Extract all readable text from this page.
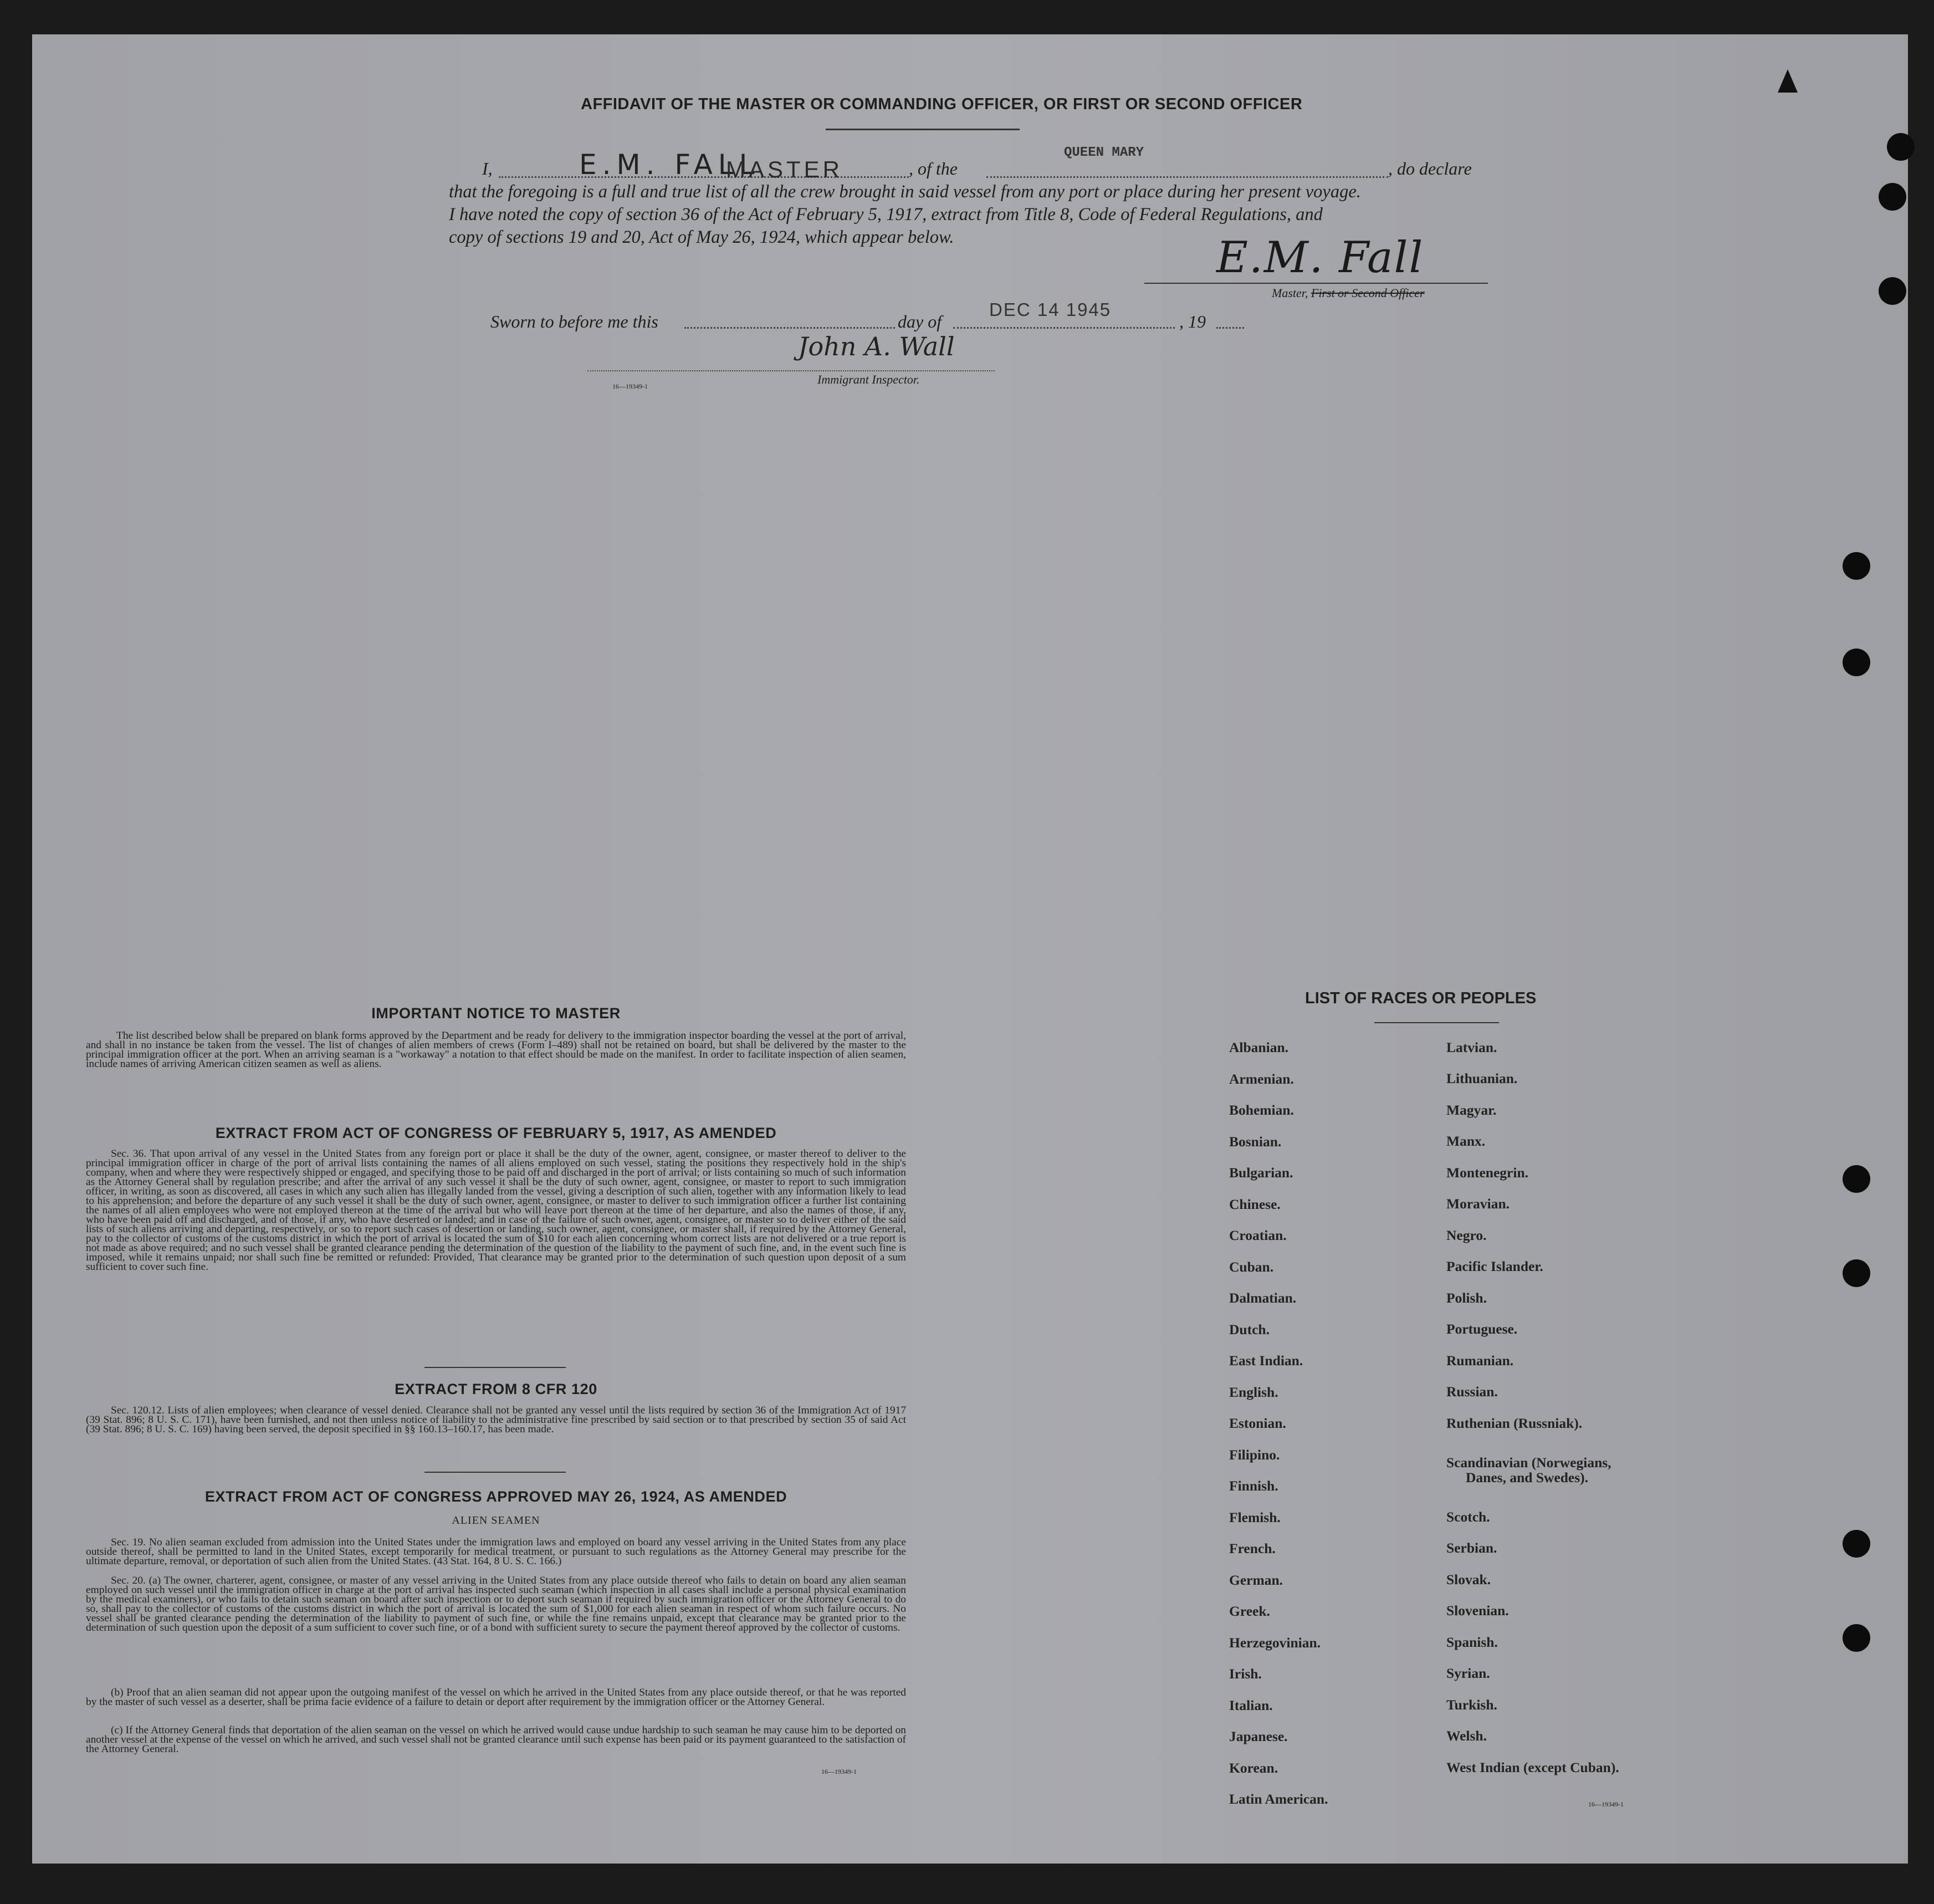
AFFIDAVIT OF THE MASTER OR COMMANDING OFFICER, OR FIRST OR SECOND OFFICER
I,	E.M. FALL
MASTER	, of the
QUEEN MARY
, do declare
that the foregoing is a full and true list of all the crew brought in said vessel from any port or place during her present voyage.
I have noted the copy of section 36 of the Act of February 5, 1917, extract from Title 8, Code of Federal Regulations, and
copy of sections 19 and 20, Act of May 26, 1924, which appear below.	E.M. Fall
Master, First or Second Officer
Sworn to before me this	day of
DEC 14 1945
, 19
John A. Wall
Immigrant Inspector.
16—19349-1
IMPORTANT NOTICE TO MASTER
The list described below shall be prepared on blank forms approved by the Department and be ready for delivery to the immigration inspector boarding the vessel at the port of arrival, and shall in no instance be taken from the vessel. The list of changes of alien members of crews (Form I–489) shall not be retained on board, but shall be delivered by the master to the principal immigration officer at the port. When an arriving seaman is a "workaway" a notation to that effect should be made on the manifest. In order to facilitate inspection of alien seamen, include names of arriving American citizen seamen as well as aliens.
EXTRACT FROM ACT OF CONGRESS OF FEBRUARY 5, 1917, AS AMENDED
Sec. 36. That upon arrival of any vessel in the United States from any foreign port or place it shall be the duty of the owner, agent, consignee, or master thereof to deliver to the principal immigration officer in charge of the port of arrival lists containing the names of all aliens employed on such vessel, stating the positions they respectively hold in the ship's company, when and where they were respectively shipped or engaged, and specifying those to be paid off and discharged in the port of arrival; or lists containing so much of such information as the Attorney General shall by regulation prescribe; and after the arrival of any such vessel it shall be the duty of such owner, agent, consignee, or master to report to such immigration officer, in writing, as soon as discovered, all cases in which any such alien has illegally landed from the vessel, giving a description of such alien, together with any information likely to lead to his apprehension; and before the departure of any such vessel it shall be the duty of such owner, agent, consignee, or master to deliver to such immigration officer a further list containing the names of all alien employees who were not employed thereon at the time of the arrival but who will leave port thereon at the time of her departure, and also the names of those, if any, who have been paid off and discharged, and of those, if any, who have deserted or landed; and in case of the failure of such owner, agent, consignee, or master so to deliver either of the said lists of such aliens arriving and departing, respectively, or so to report such cases of desertion or landing, such owner, agent, consignee, or master shall, if required by the Attorney General, pay to the collector of customs of the customs district in which the port of arrival is located the sum of $10 for each alien concerning whom correct lists are not delivered or a true report is not made as above required; and no such vessel shall be granted clearance pending the determination of the question of the liability to the payment of such fine, and, in the event such fine is imposed, while it remains unpaid; nor shall such fine be remitted or refunded: Provided, That clearance may be granted prior to the determination of such question upon deposit of a sum sufficient to cover such fine.
EXTRACT FROM 8 CFR 120
Sec. 120.12. Lists of alien employees; when clearance of vessel denied. Clearance shall not be granted any vessel until the lists required by section 36 of the Immigration Act of 1917 (39 Stat. 896; 8 U. S. C. 171), have been furnished, and not then unless notice of liability to the administrative fine prescribed by said section or to that prescribed by section 35 of said Act (39 Stat. 896; 8 U. S. C. 169) having been served, the deposit specified in §§ 160.13–160.17, has been made.
EXTRACT FROM ACT OF CONGRESS APPROVED MAY 26, 1924, AS AMENDED
ALIEN SEAMEN
Sec. 19. No alien seaman excluded from admission into the United States under the immigration laws and employed on board any vessel arriving in the United States from any place outside thereof, shall be permitted to land in the United States, except temporarily for medical treatment, or pursuant to such regulations as the Attorney General may prescribe for the ultimate departure, removal, or deportation of such alien from the United States. (43 Stat. 164, 8 U. S. C. 166.)
Sec. 20. (a) The owner, charterer, agent, consignee, or master of any vessel arriving in the United States from any place outside thereof who fails to detain on board any alien seaman employed on such vessel until the immigration officer in charge at the port of arrival has inspected such seaman (which inspection in all cases shall include a personal physical examination by the medical examiners), or who fails to detain such seaman on board after such inspection or to deport such seaman if required by such immigration officer or the Attorney General to do so, shall pay to the collector of customs of the customs district in which the port of arrival is located the sum of $1,000 for each alien seaman in respect of whom such failure occurs. No vessel shall be granted clearance pending the determination of the liability to payment of such fine, or while the fine remains unpaid, except that clearance may be granted prior to the determination of such question upon the deposit of a sum sufficient to cover such fine, or of a bond with sufficient surety to secure the payment thereof approved by the collector of customs.
(b) Proof that an alien seaman did not appear upon the outgoing manifest of the vessel on which he arrived in the United States from any place outside thereof, or that he was reported by the master of such vessel as a deserter, shall be prima facie evidence of a failure to detain or deport after requirement by the immigration officer or the Attorney General.
(c) If the Attorney General finds that deportation of the alien seaman on the vessel on which he arrived would cause undue hardship to such seaman he may cause him to be deported on another vessel at the expense of the vessel on which he arrived, and such vessel shall not be granted clearance until such expense has been paid or its payment guaranteed to the satisfaction of the Attorney General.
16—19349-1
LIST OF RACES OR PEOPLES
Albanian.
Armenian.
Bohemian.
Bosnian.
Bulgarian.
Chinese.
Croatian.
Cuban.
Dalmatian.
Dutch.
East Indian.
English.
Estonian.
Filipino.
Finnish.
Flemish.
French.
German.
Greek.
Herzegovinian.
Irish.
Italian.
Japanese.
Korean.
Latin American.
Latvian.
Lithuanian.
Magyar.
Manx.
Montenegrin.
Moravian.
Negro.
Pacific Islander.
Polish.
Portuguese.
Rumanian.
Russian.
Ruthenian (Russniak).
Scandinavian (Norwegians,
Danes, and Swedes).
Scotch.
Serbian.
Slovak.
Slovenian.
Spanish.
Syrian.
Turkish.
Welsh.
West Indian (except Cuban).
16—19349-1
